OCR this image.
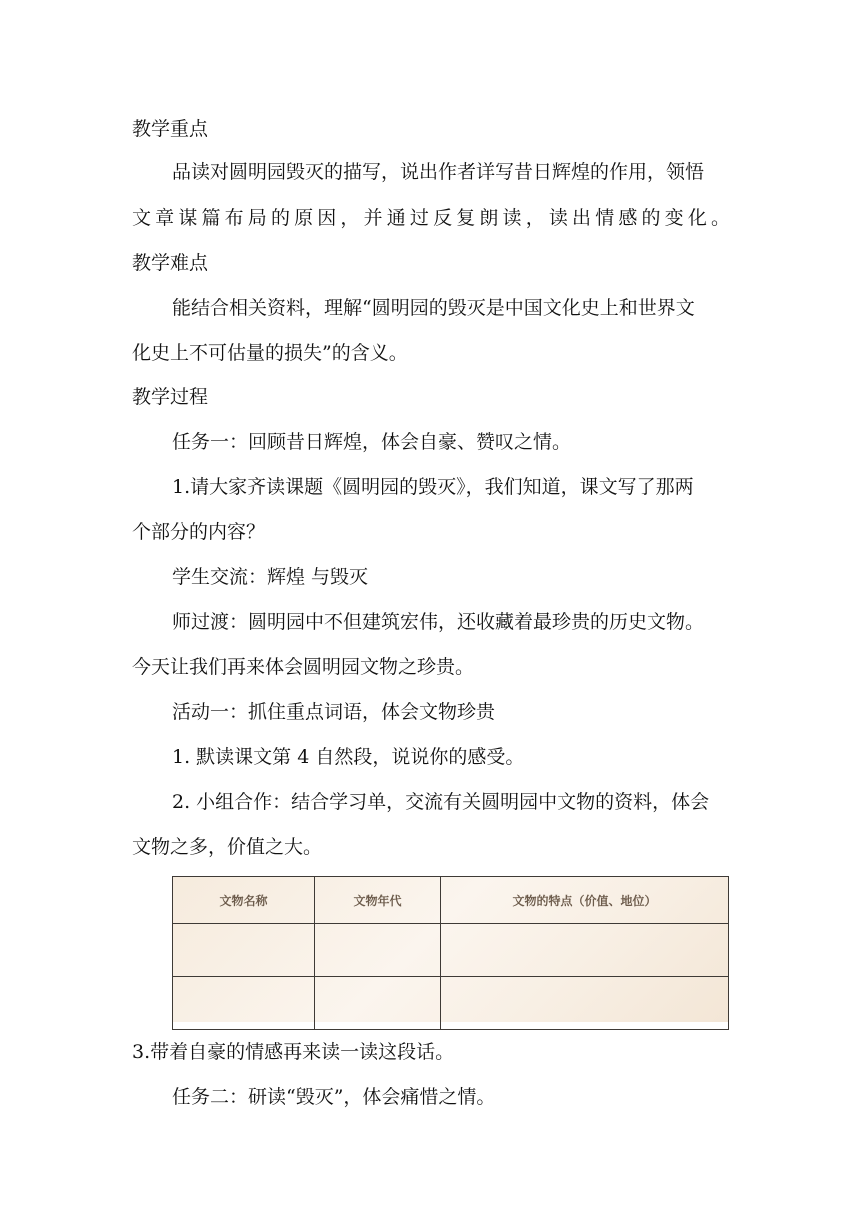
教学重点
品读对圆明园毁灭的描写，说出作者详写昔日辉煌的作用，领悟
文章谋篇布局的原因，并通过反复朗读，读出情感的变化。
教学难点
能结合相关资料，理解“圆明园的毁灭是中国文化史上和世界文
化史上不可估量的损失”的含义。
教学过程
任务一：回顾昔日辉煌，体会自豪、赞叹之情。
1.请大家齐读课题《圆明园的毁灭》，我们知道，课文写了那两
个部分的内容？
学生交流：辉煌 与毁灭
师过渡：圆明园中不但建筑宏伟，还收藏着最珍贵的历史文物。
今天让我们再来体会圆明园文物之珍贵。
活动一：抓住重点词语，体会文物珍贵
1. 默读课文第 4 自然段，说说你的感受。
2. 小组合作：结合学习单，交流有关圆明园中文物的资料，体会
文物之多，价值之大。
文物名称	文物年代	文物的特点（价值、地位）

3.带着自豪的情感再来读一读这段话。
任务二：研读“毁灭”，体会痛惜之情。
